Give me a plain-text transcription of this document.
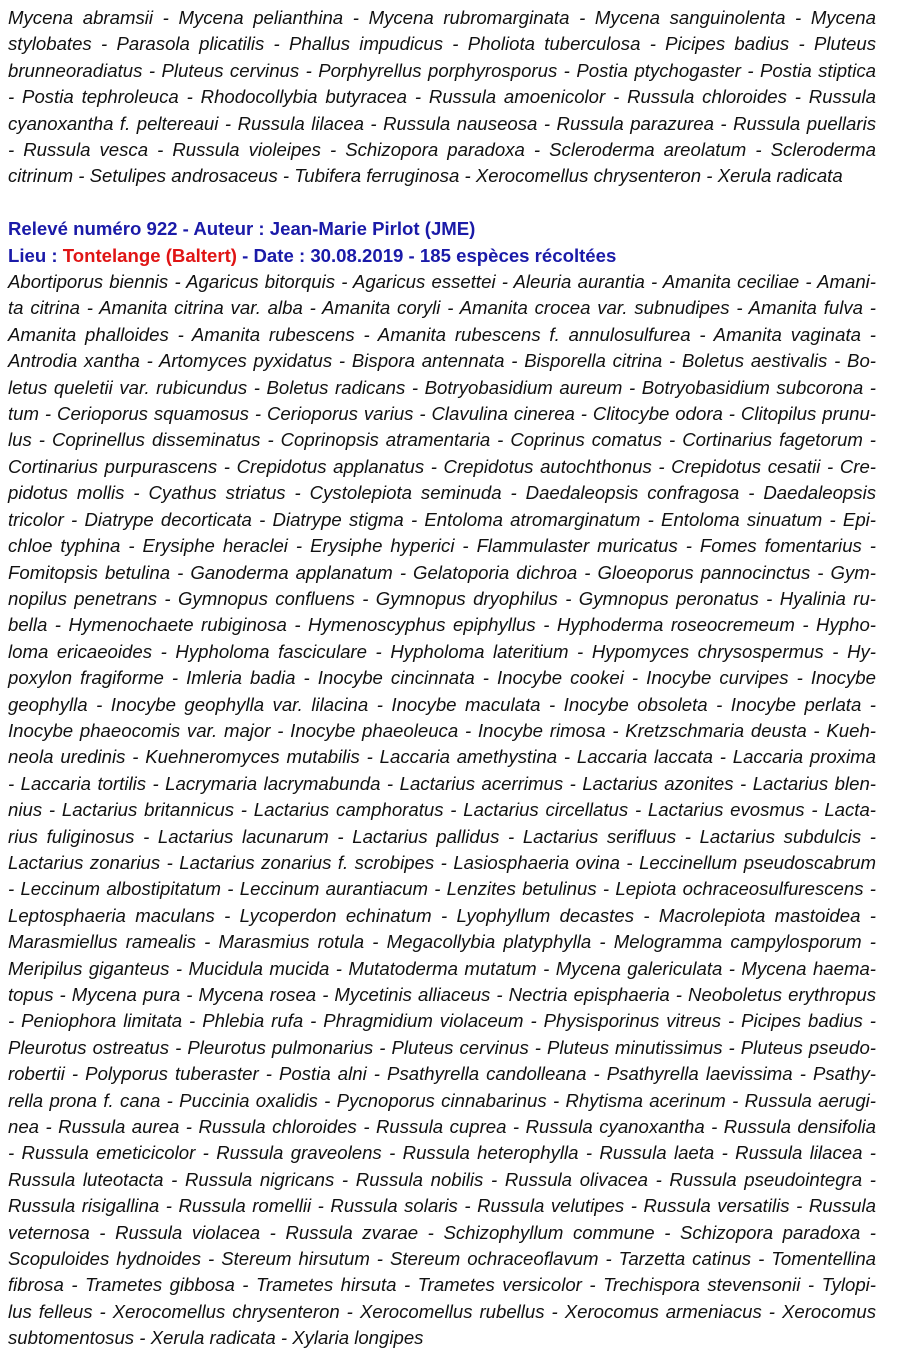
Mycena abramsii - Mycena pelianthina - Mycena rubromarginata - Mycena sanguinolenta - Mycena
stylobates - Parasola plicatilis - Phallus impudicus - Pholiota tuberculosa - Picipes badius - Pluteus
brunneoradiatus - Pluteus cervinus - Porphyrellus porphyrosporus - Postia ptychogaster - Postia stiptica
- Postia tephroleuca - Rhodocollybia butyracea - Russula amoenicolor - Russula chloroides - Russula
cyanoxantha f. peltereaui - Russula lilacea - Russula nauseosa - Russula parazurea - Russula puellaris
- Russula vesca - Russula violeipes - Schizopora paradoxa - Scleroderma areolatum - Scleroderma
citrinum - Setulipes androsaceus - Tubifera ferruginosa - Xerocomellus chrysenteron - Xerula radicata
Relevé numéro 922 - Auteur : Jean-Marie Pirlot (JME)
Lieu : Tontelange (Baltert) - Date : 30.08.2019 - 185 espèces récoltées
Abortiporus biennis - Agaricus bitorquis - Agaricus essettei - Aleuria aurantia - Amanita ceciliae - Amani-
ta citrina - Amanita citrina var. alba - Amanita coryli - Amanita crocea var. subnudipes - Amanita fulva -
Amanita phalloides - Amanita rubescens - Amanita rubescens f. annulosulfurea - Amanita vaginata -
Antrodia xantha - Artomyces pyxidatus - Bispora antennata - Bisporella citrina - Boletus aestivalis - Bo-
letus queletii var. rubicundus - Boletus radicans - Botryobasidium aureum - Botryobasidium subcorona -
tum - Cerioporus squamosus - Cerioporus varius - Clavulina cinerea - Clitocybe odora - Clitopilus prunu-
lus - Coprinellus disseminatus - Coprinopsis atramentaria - Coprinus comatus - Cortinarius fagetorum -
Cortinarius purpurascens - Crepidotus applanatus - Crepidotus autochthonus - Crepidotus cesatii - Cre-
pidotus mollis - Cyathus striatus - Cystolepiota seminuda - Daedaleopsis confragosa - Daedaleopsis
tricolor - Diatrype decorticata - Diatrype stigma - Entoloma atromarginatum - Entoloma sinuatum - Epi-
chloe typhina - Erysiphe heraclei - Erysiphe hyperici - Flammulaster muricatus - Fomes fomentarius -
Fomitopsis betulina - Ganoderma applanatum - Gelatoporia dichroa - Gloeoporus pannocinctus - Gym-
nopilus penetrans - Gymnopus confluens - Gymnopus dryophilus - Gymnopus peronatus - Hyalinia ru-
bella - Hymenochaete rubiginosa - Hymenoscyphus epiphyllus - Hyphoderma roseocremeum - Hypho-
loma ericaeoides - Hypholoma fasciculare - Hypholoma lateritium - Hypomyces chrysospermus - Hy-
poxylon fragiforme - Imleria badia - Inocybe cincinnata - Inocybe cookei - Inocybe curvipes - Inocybe
geophylla - Inocybe geophylla var. lilacina - Inocybe maculata - Inocybe obsoleta - Inocybe perlata -
Inocybe phaeocomis var. major - Inocybe phaeoleuca - Inocybe rimosa - Kretzschmaria deusta - Kueh-
neola uredinis - Kuehneromyces mutabilis - Laccaria amethystina - Laccaria laccata - Laccaria proxima
- Laccaria tortilis - Lacrymaria lacrymabunda - Lactarius acerrimus - Lactarius azonites - Lactarius blen-
nius - Lactarius britannicus - Lactarius camphoratus - Lactarius circellatus - Lactarius evosmus - Lacta-
rius fuliginosus - Lactarius lacunarum - Lactarius pallidus - Lactarius serifluus - Lactarius subdulcis -
Lactarius zonarius - Lactarius zonarius f. scrobipes - Lasiosphaeria ovina - Leccinellum pseudoscabrum
- Leccinum albostipitatum - Leccinum aurantiacum - Lenzites betulinus - Lepiota ochraceosulfurescens -
Leptosphaeria maculans - Lycoperdon echinatum - Lyophyllum decastes - Macrolepiota mastoidea -
Marasmiellus ramealis - Marasmius rotula - Megacollybia platyphylla - Melogramma campylosporum -
Meripilus giganteus - Mucidula mucida - Mutatoderma mutatum - Mycena galericulata - Mycena haema-
topus - Mycena pura - Mycena rosea - Mycetinis alliaceus - Nectria episphaeria - Neoboletus erythropus
- Peniophora limitata - Phlebia rufa - Phragmidium violaceum - Physisporinus vitreus - Picipes badius -
Pleurotus ostreatus - Pleurotus pulmonarius - Pluteus cervinus - Pluteus minutissimus - Pluteus pseudo-
robertii - Polyporus tuberaster - Postia alni - Psathyrella candolleana - Psathyrella laevissima - Psathy-
rella prona f. cana - Puccinia oxalidis - Pycnoporus cinnabarinus - Rhytisma acerinum - Russula aerugi-
nea - Russula aurea - Russula chloroides - Russula cuprea - Russula cyanoxantha - Russula densifolia
- Russula emeticicolor - Russula graveolens - Russula heterophylla - Russula laeta - Russula lilacea -
Russula luteotacta - Russula nigricans - Russula nobilis - Russula olivacea - Russula pseudointegra -
Russula risigallina - Russula romellii - Russula solaris - Russula velutipes - Russula versatilis - Russula
veternosa - Russula violacea - Russula zvarae - Schizophyllum commune - Schizopora paradoxa -
Scopuloides hydnoides - Stereum hirsutum - Stereum ochraceoflavum - Tarzetta catinus - Tomentellina
fibrosa - Trametes gibbosa - Trametes hirsuta - Trametes versicolor - Trechispora stevensonii - Tylopi-
lus felleus - Xerocomellus chrysenteron - Xerocomellus rubellus - Xerocomus armeniacus - Xerocomus
subtomentosus - Xerula radicata - Xylaria longipes
